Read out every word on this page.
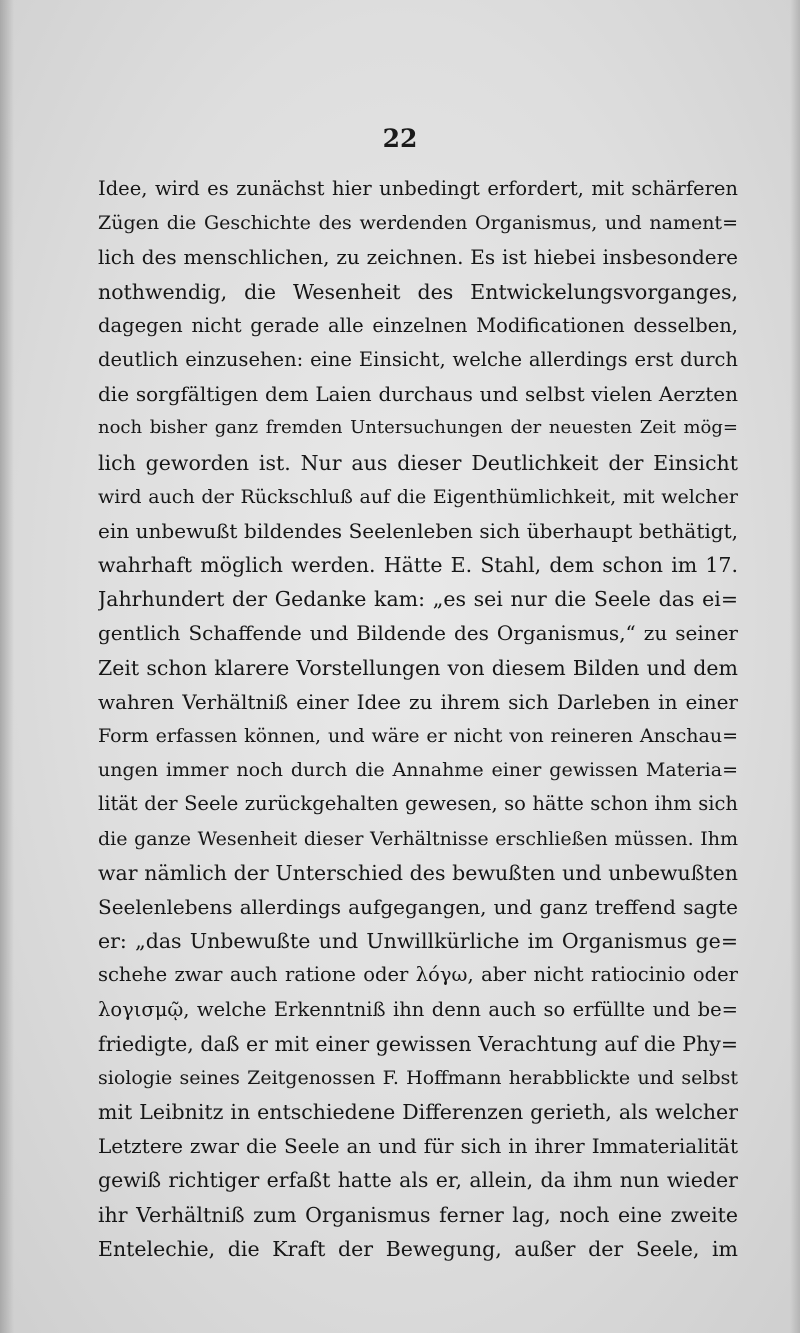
22
Idee, wird es zunächst hier unbedingt erfordert, mit schärferen
Zügen die Geschichte des werdenden Organismus, und nament=
lich des menschlichen, zu zeichnen. Es ist hiebei insbesondere
nothwendig, die Wesenheit des Entwickelungsvorganges,
dagegen nicht gerade alle einzelnen Modificationen desselben,
deutlich einzusehen: eine Einsicht, welche allerdings erst durch
die sorgfältigen dem Laien durchaus und selbst vielen Aerzten
noch bisher ganz fremden Untersuchungen der neuesten Zeit mög=
lich geworden ist. Nur aus dieser Deutlichkeit der Einsicht
wird auch der Rückschluß auf die Eigenthümlichkeit, mit welcher
ein unbewußt bildendes Seelenleben sich überhaupt bethätigt,
wahrhaft möglich werden. Hätte E. Stahl, dem schon im 17.
Jahrhundert der Gedanke kam: „es sei nur die Seele das ei=
gentlich Schaffende und Bildende des Organismus,“ zu seiner
Zeit schon klarere Vorstellungen von diesem Bilden und dem
wahren Verhältniß einer Idee zu ihrem sich Darleben in einer
Form erfassen können, und wäre er nicht von reineren Anschau=
ungen immer noch durch die Annahme einer gewissen Materia=
lität der Seele zurückgehalten gewesen, so hätte schon ihm sich
die ganze Wesenheit dieser Verhältnisse erschließen müssen. Ihm
war nämlich der Unterschied des bewußten und unbewußten
Seelenlebens allerdings aufgegangen, und ganz treffend sagte
er: „das Unbewußte und Unwillkürliche im Organismus ge=
schehe zwar auch ratione oder λόγω, aber nicht ratiocinio oder
λογισμῷ, welche Erkenntniß ihn denn auch so erfüllte und be=
friedigte, daß er mit einer gewissen Verachtung auf die Phy=
siologie seines Zeitgenossen F. Hoffmann herabblickte und selbst
mit Leibnitz in entschiedene Differenzen gerieth, als welcher
Letztere zwar die Seele an und für sich in ihrer Immaterialität
gewiß richtiger erfaßt hatte als er, allein, da ihm nun wieder
ihr Verhältniß zum Organismus ferner lag, noch eine zweite
Entelechie, die Kraft der Bewegung, außer der Seele, im
